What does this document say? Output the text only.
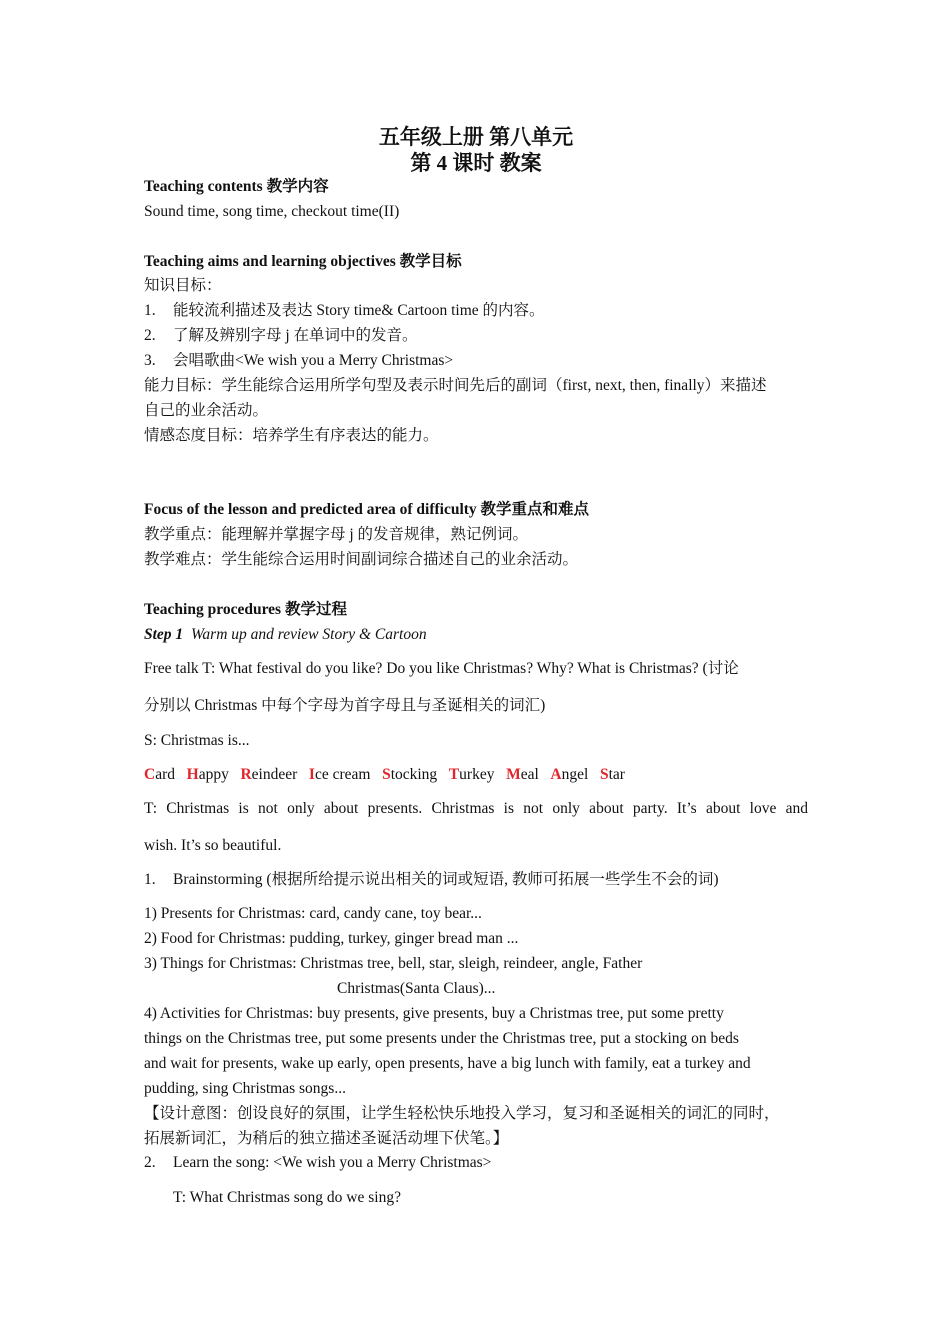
五年级上册 第八单元
第 4 课时 教案
Teaching contents 教学内容
Sound time, song time, checkout time(II)
Teaching aims and learning objectives 教学目标
知识目标：
1. 能较流利描述及表达 Story time& Cartoon time 的内容。
2. 了解及辨别字母 j 在单词中的发音。
3. 会唱歌曲<We wish you a Merry Christmas>
能力目标：学生能综合运用所学句型及表示时间先后的副词（first, next, then, finally）来描述
自己的业余活动。
情感态度目标：培养学生有序表达的能力。
Focus of the lesson and predicted area of difficulty 教学重点和难点
教学重点：能理解并掌握字母 j 的发音规律，熟记例词。
教学难点：学生能综合运用时间副词综合描述自己的业余活动。
Teaching procedures 教学过程
Step 1 Warm up and review Story & Cartoon
Free talk T: What festival do you like? Do you like Christmas? Why? What is Christmas? (讨论
分别以 Christmas 中每个字母为首字母且与圣诞相关的词汇)
S: Christmas is...
Card Happy Reindeer Ice cream Stocking Turkey Meal Angel Star
T: Christmas is not only about presents. Christmas is not only about party. It’s about love and
wish. It’s so beautiful.
1. Brainstorming (根据所给提示说出相关的词或短语, 教师可拓展一些学生不会的词)
1) Presents for Christmas: card, candy cane, toy bear...
2) Food for Christmas: pudding, turkey, ginger bread man ...
3) Things for Christmas: Christmas tree, bell, star, sleigh, reindeer, angle, Father
Christmas(Santa Claus)...
4) Activities for Christmas: buy presents, give presents, buy a Christmas tree, put some pretty
things on the Christmas tree, put some presents under the Christmas tree, put a stocking on beds
and wait for presents, wake up early, open presents, have a big lunch with family, eat a turkey and
pudding, sing Christmas songs...
【设计意图：创设良好的氛围，让学生轻松快乐地投入学习，复习和圣诞相关的词汇的同时，
拓展新词汇，为稍后的独立描述圣诞活动埋下伏笔。】
2. Learn the song: <We wish you a Merry Christmas>
T: What Christmas song do we sing?
